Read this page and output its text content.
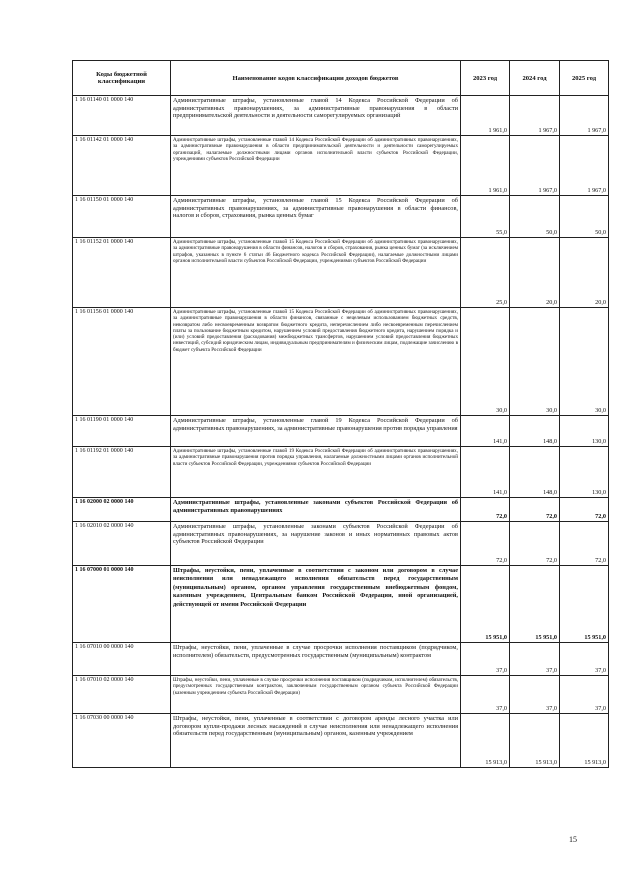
Коды бюджетной классификации	Наименование кодов классификации доходов бюджетов	2023 год	2024 год	2025 год
1 16 01140 01 0000 140	Административные штрафы, установленные главой 14 Кодекса Российской Федерации об административных правонарушениях, за административные правонарушения в области предпринимательской деятельности и деятельности саморегулируемых организаций	1 961,0	1 967,0	1 967,0
1 16 01142 01 0000 140	Административные штрафы, установленные главой 14 Кодекса Российской Федерации об административных правонарушениях, за административные правонарушения в области предпринимательской деятельности и деятельности саморегулируемых организаций, налагаемые должностными лицами органов исполнительной власти субъектов Российской Федерации, учреждениями субъектов Российской Федерации	1 961,0	1 967,0	1 967,0
1 16 01150 01 0000 140	Административные штрафы, установленные главой 15 Кодекса Российской Федерации об административных правонарушениях, за административные правонарушения в области финансов, налогов и сборов, страхования, рынка ценных бумаг	55,0	50,0	50,0
1 16 01152 01 0000 140	Административные штрафы, установленные главой 15 Кодекса Российской Федерации об административных правонарушениях, за административные правонарушения в области финансов, налогов и сборов, страхования, рынка ценных бумаг (за исключением штрафов, указанных в пункте 6 статьи 46 Бюджетного кодекса Российской Федерации), налагаемые должностными лицами органов исполнительной власти субъектов Российской Федерации, учреждениями субъектов Российской Федерации	25,0	20,0	20,0
1 16 01156 01 0000 140	Административные штрафы, установленные главой 15 Кодекса Российской Федерации об административных правонарушениях, за административные правонарушения в области финансов, связанные с нецелевым использованием бюджетных средств, невозвратом либо несвоевременным возвратом бюджетного кредита, неперечислением либо несвоевременным перечислением платы за пользование бюджетным кредитом, нарушением условий предоставления бюджетного кредита, нарушением порядка и (или) условий предоставления (расходования) межбюджетных трансфертов, нарушением условий предоставления бюджетных инвестиций, субсидий юридическим лицам, индивидуальным предпринимателям и физическим лицам, подлежащие зачислению в бюджет субъекта Российской Федерации	30,0	30,0	30,0
1 16 01190 01 0000 140	Административные штрафы, установленные главой 19 Кодекса Российской Федерации об административных правонарушениях, за административные правонарушения против порядка управления	141,0	148,0	130,0
1 16 01192 01 0000 140	Административные штрафы, установленные главой 19 Кодекса Российской Федерации об административных правонарушениях, за административные правонарушения против порядка управления, налагаемые должностными лицами органов исполнительной власти субъектов Российской Федерации, учреждениями субъектов Российской Федерации	141,0	148,0	130,0
1 16 02000 02 0000 140	Административные штрафы, установленные законами субъектов Российской Федерации об административных правонарушениях	72,0	72,0	72,0
1 16 02010 02 0000 140	Административные штрафы, установленные законами субъектов Российской Федерации об административных правонарушениях, за нарушение законов и иных нормативных правовых актов субъектов Российской Федерации	72,0	72,0	72,0
1 16 07000 01 0000 140	Штрафы, неустойки, пени, уплаченные в соответствии с законом или договором в случае неисполнения или ненадлежащего исполнения обязательств перед государственным (муниципальным) органом, органом управления государственным внебюджетным фондом, казенным учреждением, Центральным банком Российской Федерации, иной организацией, действующей от имени Российской Федерации	15 951,0	15 951,0	15 951,0
1 16 07010 00 0000 140	Штрафы, неустойки, пени, уплаченные в случае просрочки исполнения поставщиком (подрядчиком, исполнителем) обязательств, предусмотренных государственным (муниципальным) контрактом	37,0	37,0	37,0
1 16 07010 02 0000 140	Штрафы, неустойки, пени, уплаченные в случае просрочки исполнения поставщиком (подрядчиком, исполнителем) обязательств, предусмотренных государственным контрактом, заключенным государственным органом субъекта Российской Федерации (казенным учреждением субъекта Российской Федерации)	37,0	37,0	37,0
1 16 07030 00 0000 140	Штрафы, неустойки, пени, уплаченные в соответствии с договором аренды лесного участка или договором купли-продажи лесных насаждений в случае неисполнения или ненадлежащего исполнения обязательств перед государственным (муниципальным) органом, казенным учреждением	15 913,0	15 913,0	15 913,0
15
